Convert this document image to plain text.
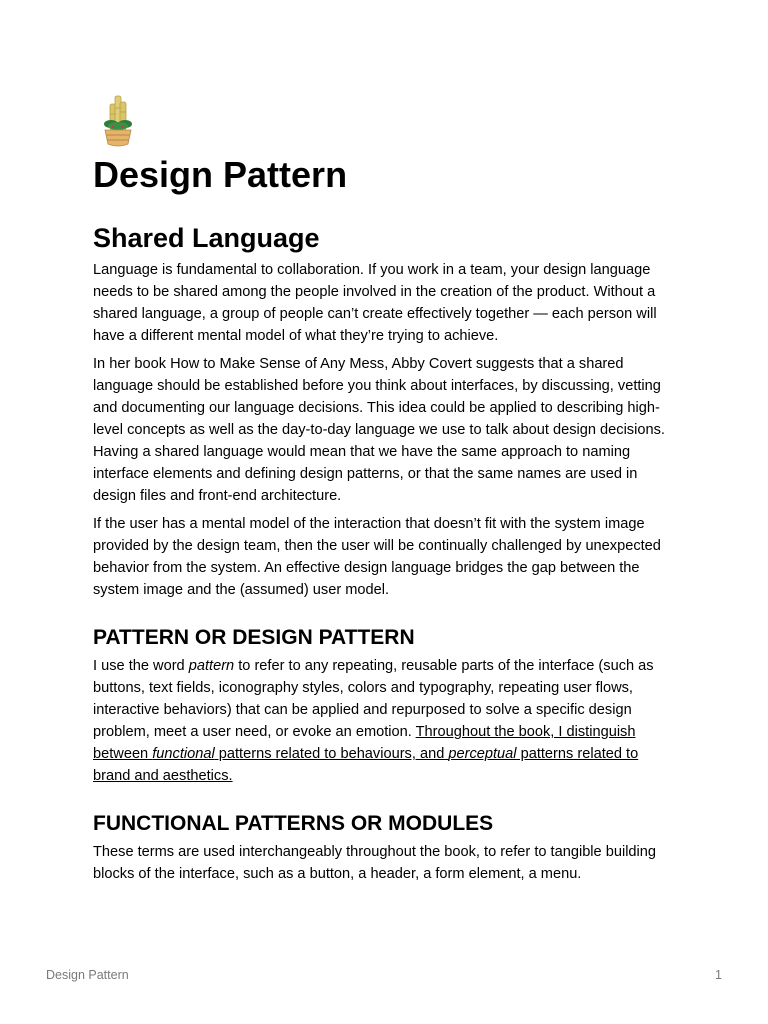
Design Pattern
Shared Language

Language is fundamental to collaboration. If you work in a team, your design language needs to be shared among the people involved in the creation of the product. Without a shared language, a group of people can’t create effectively together — each person will have a different mental model of what they’re trying to achieve.

In her book How to Make Sense of Any Mess, Abby Covert suggests that a shared language should be established before you think about interfaces, by discussing, vetting and documenting our language decisions. This idea could be applied to describing high-level concepts as well as the day-to-day language we use to talk about design decisions. Having a shared language would mean that we have the same approach to naming interface elements and defining design patterns, or that the same names are used in design files and front-end architecture.

If the user has a mental model of the interaction that doesn’t fit with the system image provided by the design team, then the user will be continually challenged by unexpected behavior from the system. An effective design language bridges the gap between the system image and the (assumed) user model.

PATTERN OR DESIGN PATTERN

I use the word pattern to refer to any repeating, reusable parts of the interface (such as buttons, text fields, iconography styles, colors and typography, repeating user flows, interactive behaviors) that can be applied and repurposed to solve a specific design problem, meet a user need, or evoke an emotion. Throughout the book, I distinguish between functional patterns related to behaviours, and perceptual patterns related to brand and aesthetics.

FUNCTIONAL PATTERNS OR MODULES

These terms are used interchangeably throughout the book, to refer to tangible building blocks of the interface, such as a button, a header, a form element, a menu.

Design Pattern	1
